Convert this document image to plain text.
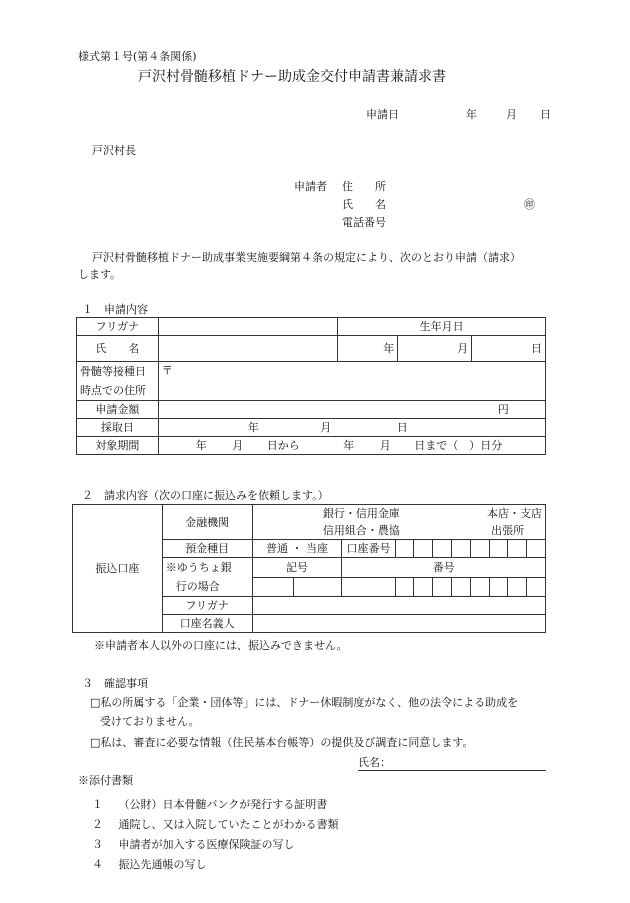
様式第１号(第４条関係)
戸沢村骨髄移植ドナー助成金交付申請書兼請求書
申請日	年	月 日
戸沢村長
申請者 住　　所
氏　　名	㊞
電話番号
戸沢村骨髄移植ドナー助成事業実施要綱第４条の規定により、次のとおり申請（請求）
します。
１　申請内容
フリガナ		生年月日		
氏　　名		年	月	日

骨髄等接種日
時点での住所	〒			
申請金額	円			
採取日	年 月 日			
対象期間	年 月 日から 年 月 日まで（　）日分			
２　請求内容（次の口座に振込みを依頼します。）
振込口座	金融機関	銀行・信用金庫							本店・支店			
		信用組合・農協							出張所			
	預金種目	普通 ・ 当座		口座番号								

	※ゆうちょ銀
行の場合	記号		番号								

	フリガナ											
	口座名義人											
※申請者本人以外の口座には、振込みできません。
３　確認事項
□私の所属する「企業・団体等」には、ドナー休暇制度がなく、他の法令による助成を
受けておりません。
□私は、審査に必要な情報（住民基本台帳等）の提供及び調査に同意します。
氏名：
※添付書類
１ （公財）日本骨髄バンクが発行する証明書
２ 通院し、又は入院していたことがわかる書類
３ 申請者が加入する医療保険証の写し
４ 振込先通帳の写し
